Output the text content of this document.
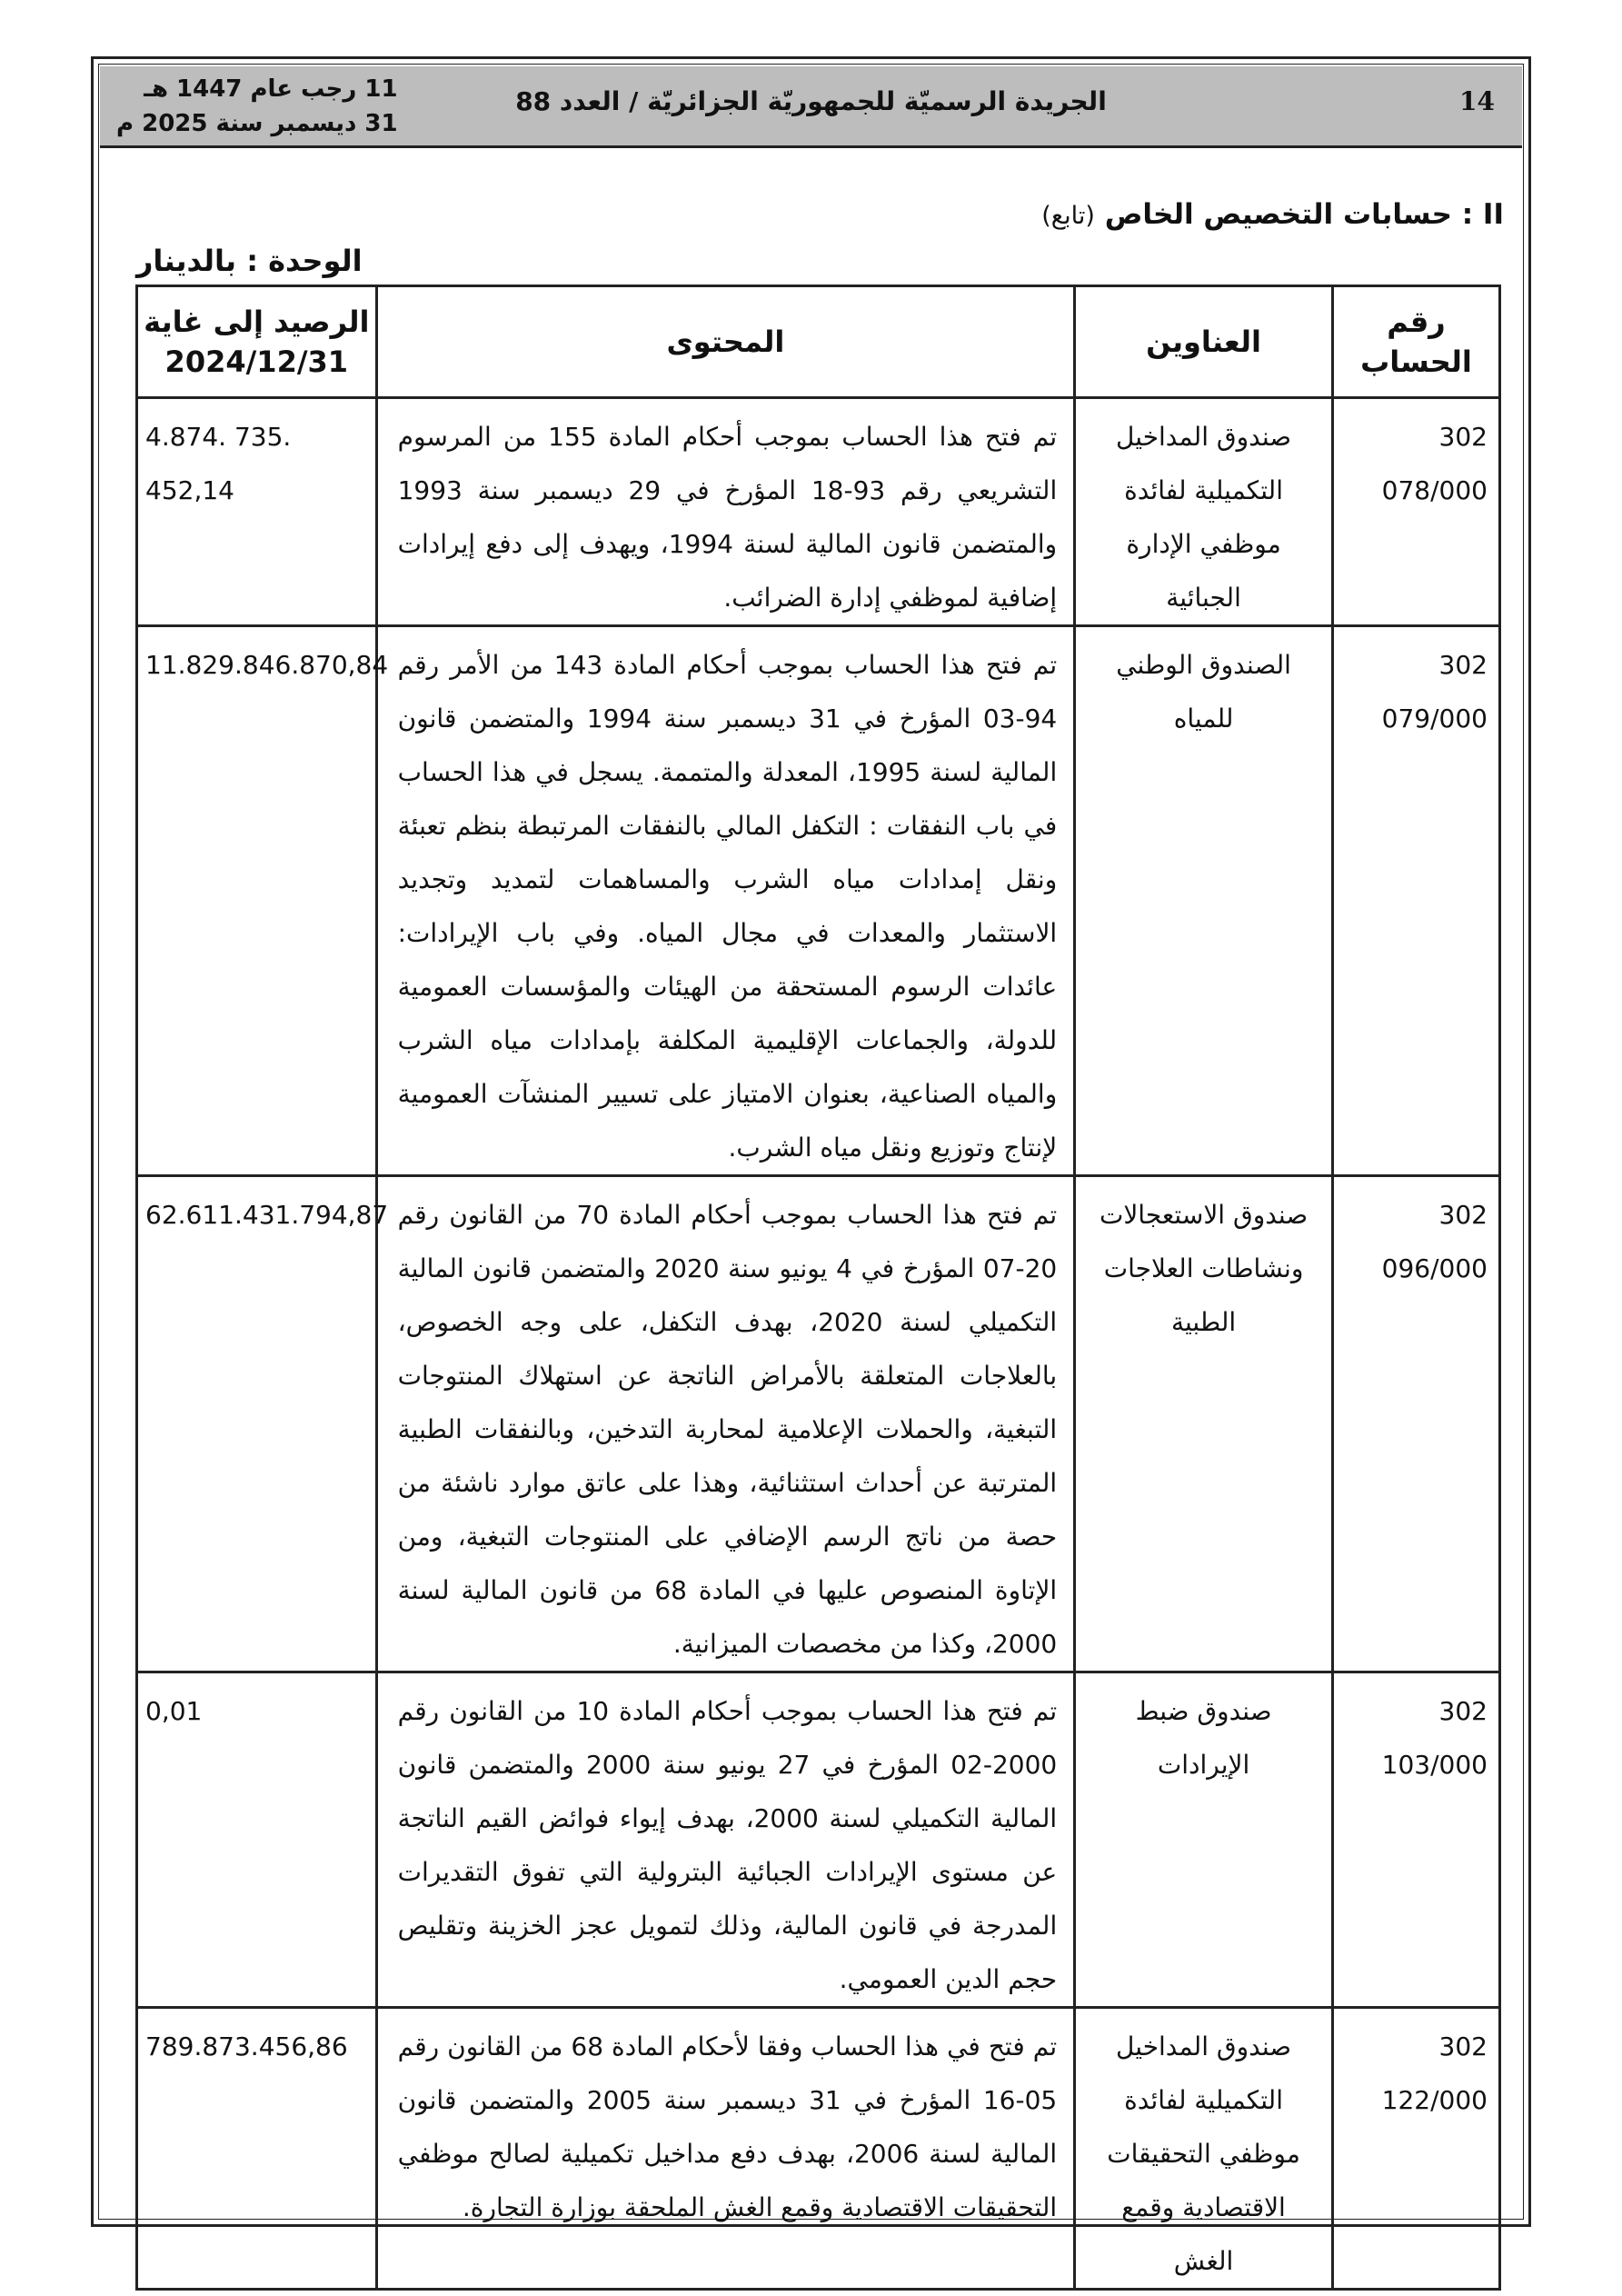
14
الجريدة الرسميّة للجمهوريّة الجزائريّة / العدد 88
11 رجب عام 1447 هـ
31 ديسمبر سنة 2025 م
II : حسابات التخصيص الخاص (تابع)
الوحدة : بالدينار
رقم الحساب	العناوين	المحتوى	الرصيد إلى غاية
2024/12/31

302 078/000	صندوق المداخيل التكميلية لفائدة موظفي الإدارة الجبائية	تم فتح هذا الحساب بموجب أحكام المادة 155 من المرسوم التشريعي رقم 93-18 المؤرخ في 29 ديسمبر سنة 1993 والمتضمن قانون المالية لسنة 1994، ويهدف إلى دفع إيرادات إضافية لموظفي إدارة الضرائب.	4.874. 735. 452,14
302 079/000	الصندوق الوطني للمياه	تم فتح هذا الحساب بموجب أحكام المادة 143 من الأمر رقم 94-03 المؤرخ في 31 ديسمبر سنة 1994 والمتضمن قانون المالية لسنة 1995، المعدلة والمتممة. يسجل في هذا الحساب في باب النفقات : التكفل المالي بالنفقات المرتبطة بنظم تعبئة ونقل إمدادات مياه الشرب والمساهمات لتمديد وتجديد الاستثمار والمعدات في مجال المياه. وفي باب الإيرادات: عائدات الرسوم المستحقة من الهيئات والمؤسسات العمومية للدولة، والجماعات الإقليمية المكلفة بإمدادات مياه الشرب والمياه الصناعية، بعنوان الامتياز على تسيير المنشآت العمومية لإنتاج وتوزيع ونقل مياه الشرب.	11.829.846.870,84
302 096/000	صندوق الاستعجالات ونشاطات العلاجات الطبية	تم فتح هذا الحساب بموجب أحكام المادة 70 من القانون رقم 20-07 المؤرخ في 4 يونيو سنة 2020 والمتضمن قانون المالية التكميلي لسنة 2020، بهدف التكفل، على وجه الخصوص، بالعلاجات المتعلقة بالأمراض الناتجة عن استهلاك المنتوجات التبغية، والحملات الإعلامية لمحاربة التدخين، وبالنفقات الطبية المترتبة عن أحداث استثنائية، وهذا على عاتق موارد ناشئة من حصة من ناتج الرسم الإضافي على المنتوجات التبغية، ومن الإتاوة المنصوص عليها في المادة 68 من قانون المالية لسنة 2000، وكذا من مخصصات الميزانية.	62.611.431.794,87
302 103/000	صندوق ضبط الإيرادات	تم فتح هذا الحساب بموجب أحكام المادة 10 من القانون رقم 2000-02 المؤرخ في 27 يونيو سنة 2000 والمتضمن قانون المالية التكميلي لسنة 2000، بهدف إيواء فوائض القيم الناتجة عن مستوى الإيرادات الجبائية البترولية التي تفوق التقديرات المدرجة في قانون المالية، وذلك لتمويل عجز الخزينة وتقليص حجم الدين العمومي.	0,01
302 122/000	صندوق المداخيل التكميلية لفائدة موظفي التحقيقات الاقتصادية وقمع الغش	تم فتح في هذا الحساب وفقا لأحكام المادة 68 من القانون رقم 05-16 المؤرخ في 31 ديسمبر سنة 2005 والمتضمن قانون المالية لسنة 2006، بهدف دفع مداخيل تكميلية لصالح موظفي التحقيقات الاقتصادية وقمع الغش الملحقة بوزارة التجارة.	789.873.456,86
